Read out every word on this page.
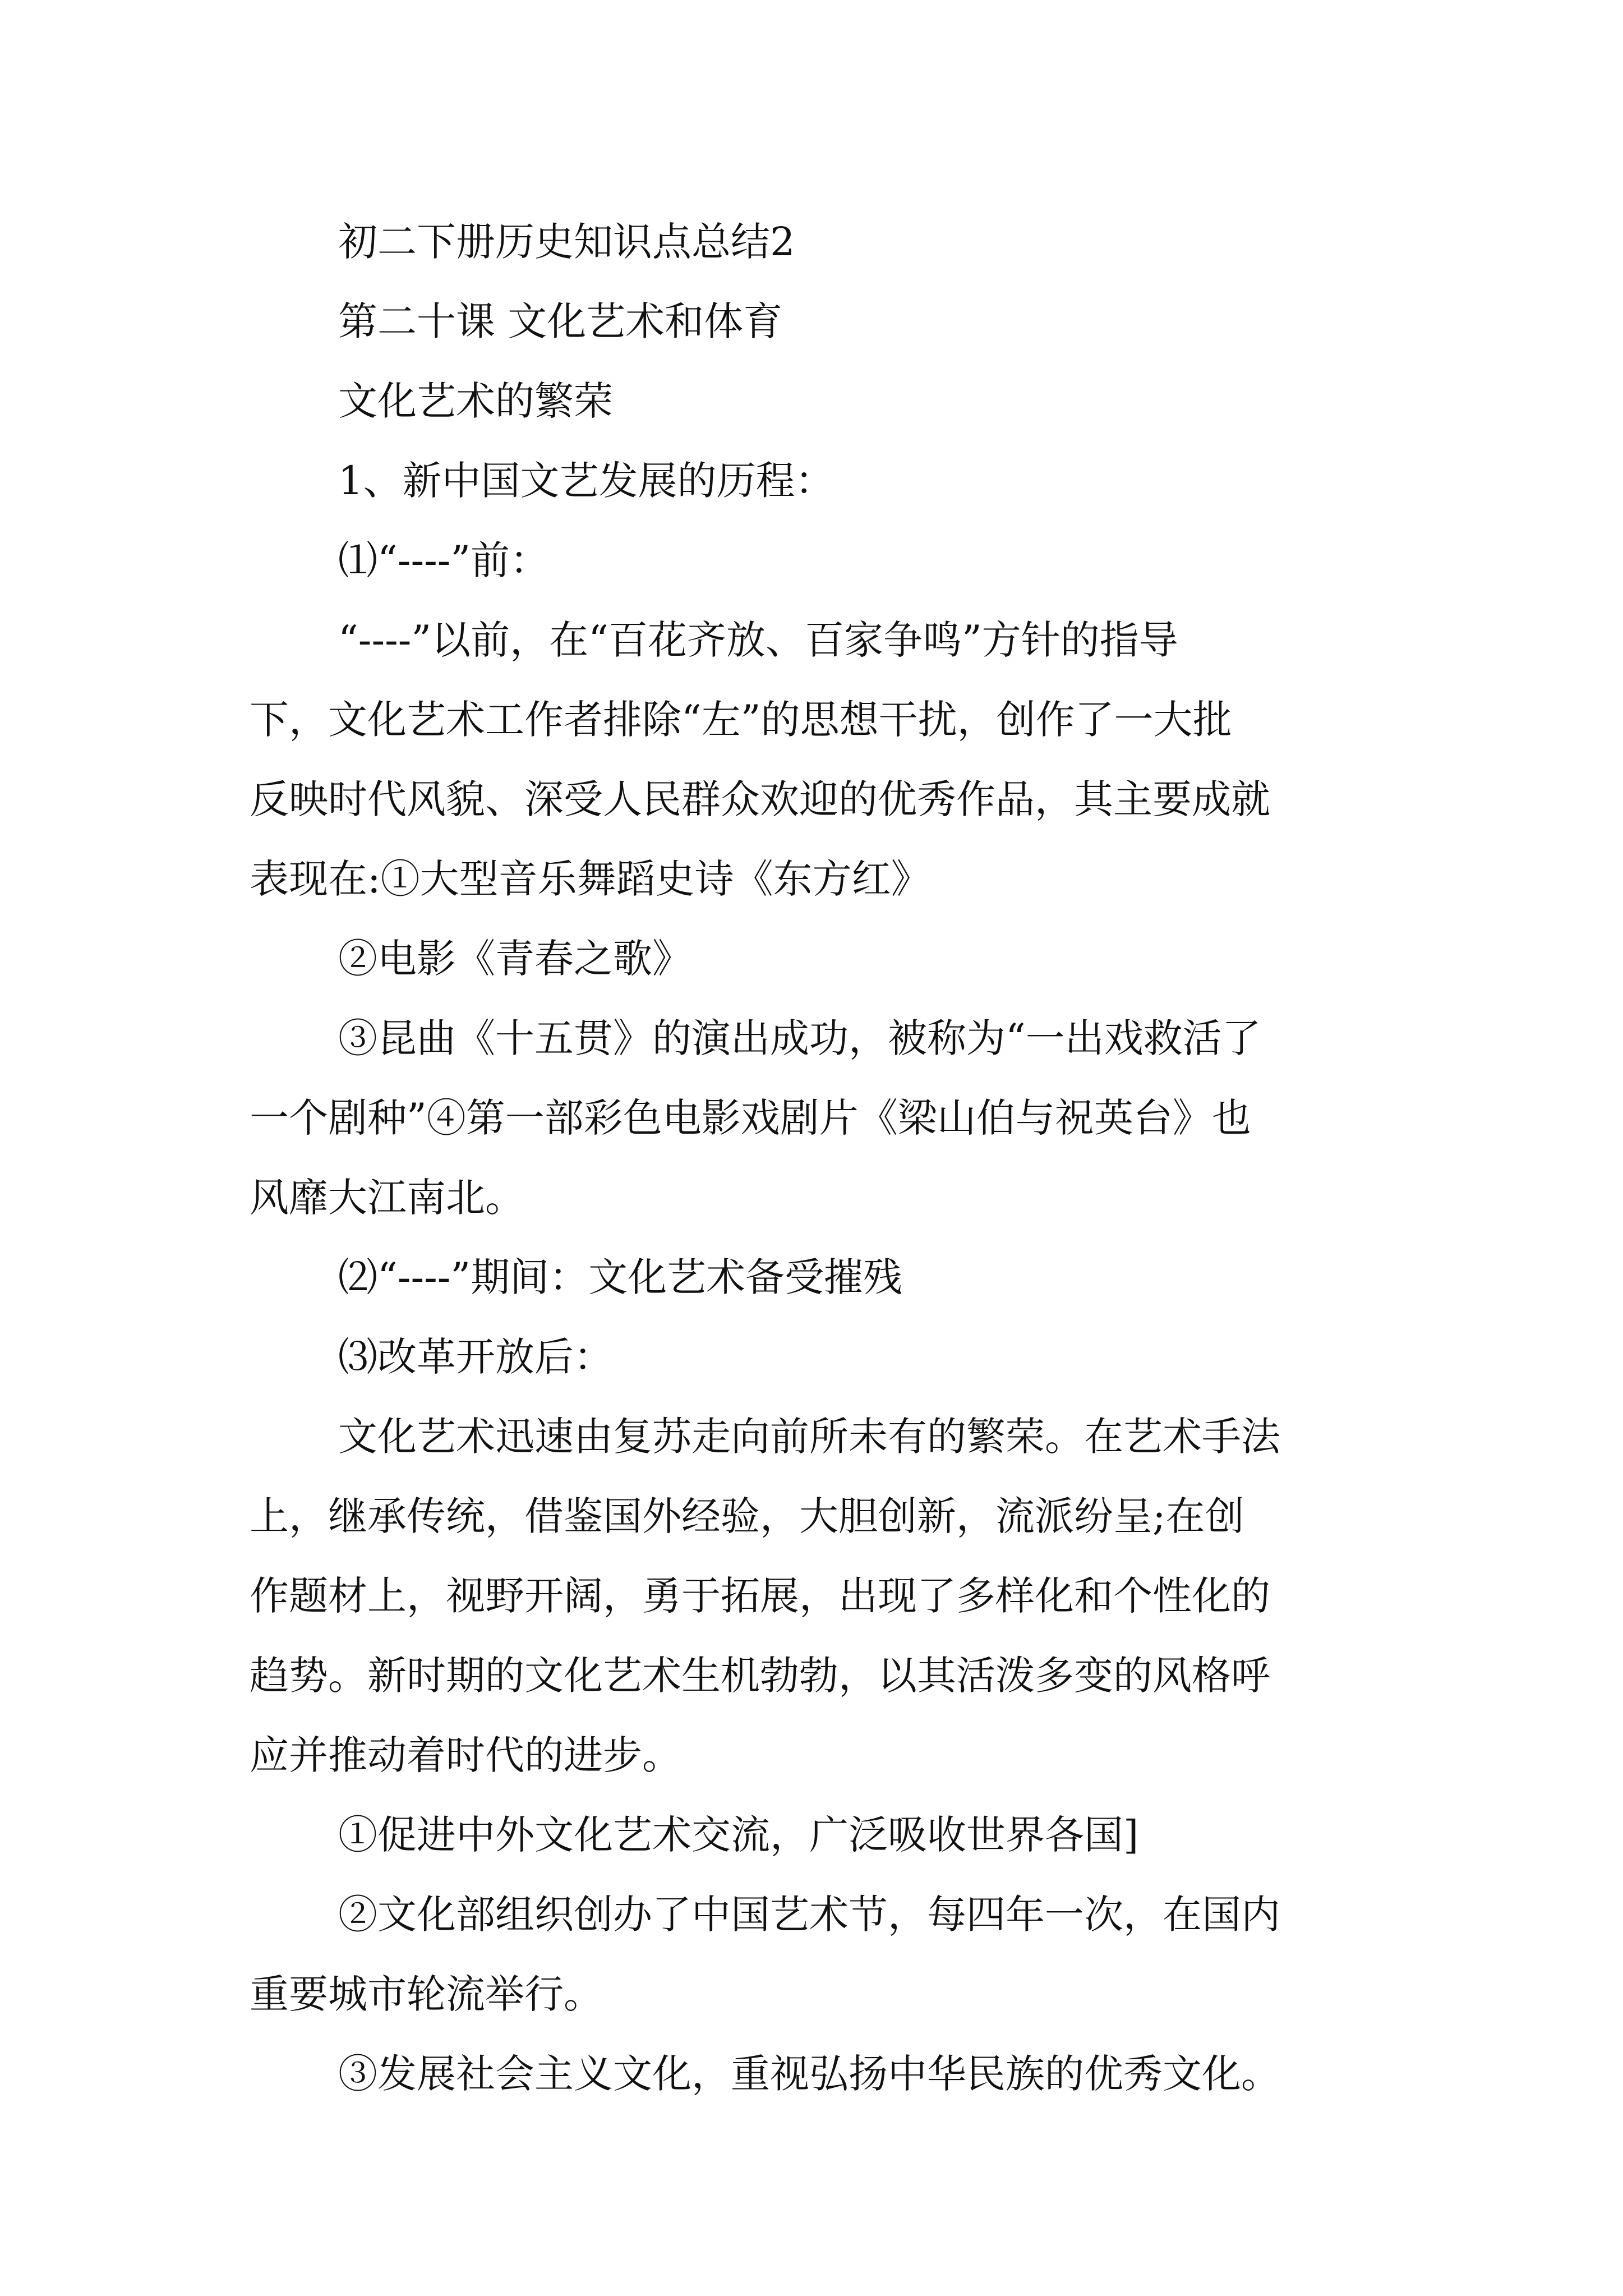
初二下册历史知识点总结2
第二十课 文化艺术和体育
文化艺术的繁荣
1、新中国文艺发展的历程：
⑴“----”前：
“----”以前，在“百花齐放、百家争鸣”方针的指导
下，文化艺术工作者排除“左”的思想干扰，创作了一大批
反映时代风貌、深受人民群众欢迎的优秀作品，其主要成就
表现在:①大型音乐舞蹈史诗《东方红》
②电影《青春之歌》
③昆曲《十五贯》的演出成功，被称为“一出戏救活了
一个剧种”④第一部彩色电影戏剧片《梁山伯与祝英台》也
风靡大江南北。
⑵“----”期间：文化艺术备受摧残
⑶改革开放后：
文化艺术迅速由复苏走向前所未有的繁荣。在艺术手法
上，继承传统，借鉴国外经验，大胆创新，流派纷呈;在创
作题材上，视野开阔，勇于拓展，出现了多样化和个性化的
趋势。新时期的文化艺术生机勃勃，以其活泼多变的风格呼
应并推动着时代的进步。
①促进中外文化艺术交流，广泛吸收世界各国]
②文化部组织创办了中国艺术节，每四年一次，在国内
重要城市轮流举行。
③发展社会主义文化，重视弘扬中华民族的优秀文化。
